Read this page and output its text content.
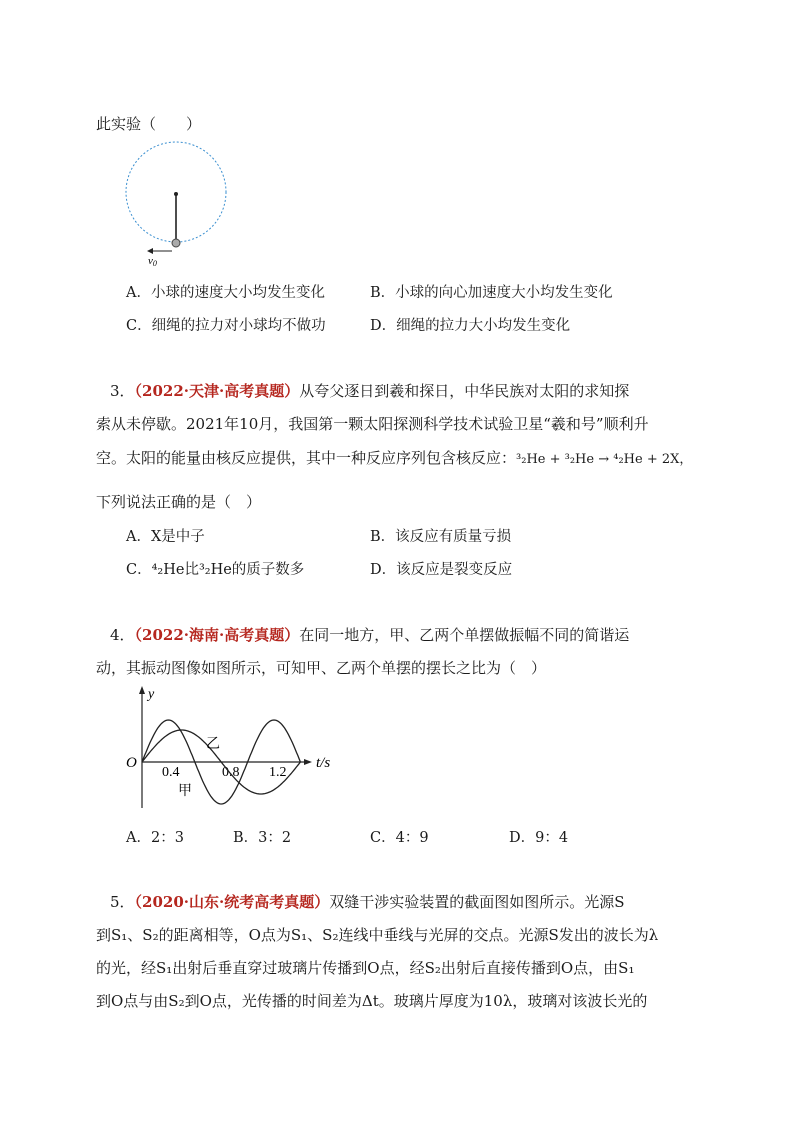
此实验（　　）
v0
A．小球的速度大小均发生变化	B．小球的向心加速度大小均发生变化
C．细绳的拉力对小球均不做功	D．细绳的拉力大小均发生变化
3．（2022·天津·高考真题）从夸父逐日到羲和探日，中华民族对太阳的求知探
索从未停歇。2021年10月，我国第一颗太阳探测科学技术试验卫星“羲和号”顺利升
空。太阳的能量由核反应提供，其中一种反应序列包含核反应：³₂He + ³₂He → ⁴₂He + 2X，
下列说法正确的是（　）
A．X是中子	B．该反应有质量亏损
C．⁴₂He比³₂He的质子数多	D．该反应是裂变反应
4．（2022·海南·高考真题）在同一地方，甲、乙两个单摆做振幅不同的简谐运
动，其振动图像如图所示，可知甲、乙两个单摆的摆长之比为（　）
y
O	t/s
0.4	0.8 1.2
乙
甲
A．2：3	B．3：2	C．4：9	D．9：4
5．（2020·山东·统考高考真题）双缝干涉实验装置的截面图如图所示。光源S
到S₁、S₂的距离相等，O点为S₁、S₂连线中垂线与光屏的交点。光源S发出的波长为λ
的光，经S₁出射后垂直穿过玻璃片传播到O点，经S₂出射后直接传播到O点，由S₁
到O点与由S₂到O点，光传播的时间差为Δt。玻璃片厚度为10λ，玻璃对该波长光的
